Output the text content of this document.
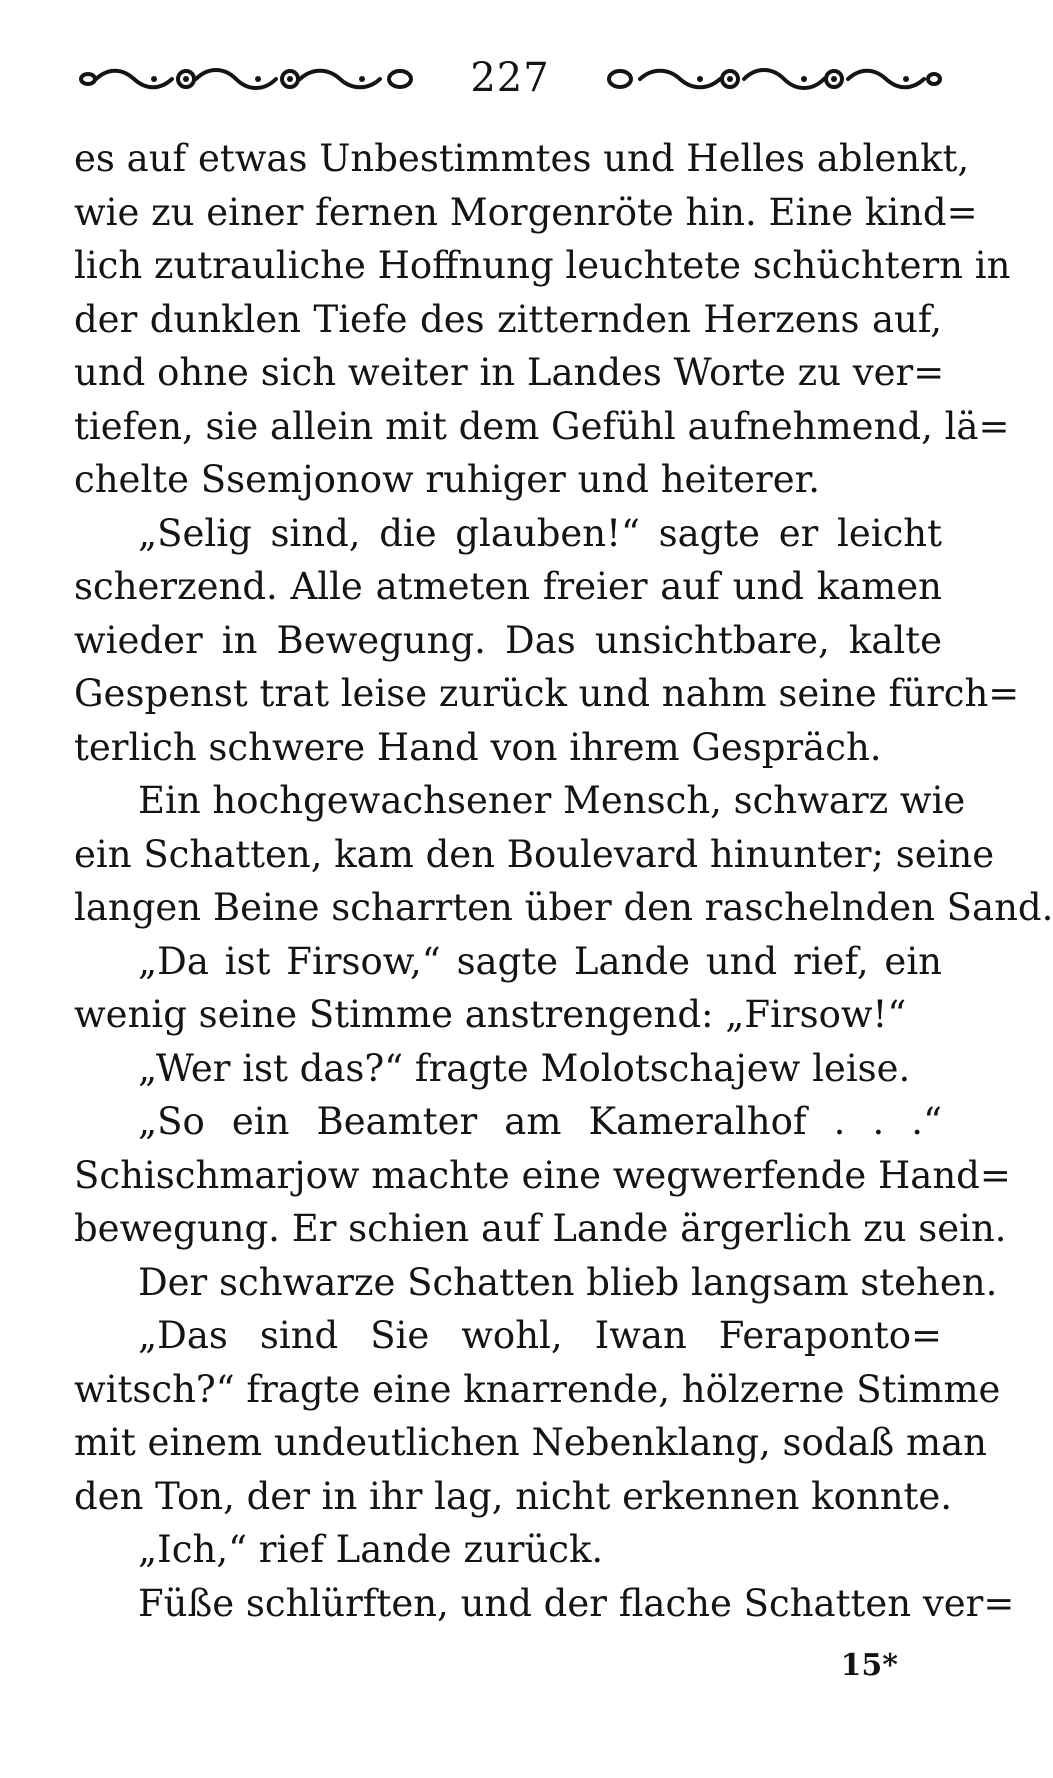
227
es auf etwas Unbestimmtes und Helles ablenkt,
wie zu einer fernen Morgenröte hin. Eine kind=
lich zutrauliche Hoffnung leuchtete schüchtern in
der dunklen Tiefe des zitternden Herzens auf,
und ohne sich weiter in Landes Worte zu ver=
tiefen, sie allein mit dem Gefühl aufnehmend, lä=
chelte Ssemjonow ruhiger und heiterer.
„Selig sind, die glauben!“ sagte er leicht
scherzend. Alle atmeten freier auf und kamen
wieder in Bewegung. Das unsichtbare, kalte
Gespenst trat leise zurück und nahm seine fürch=
terlich schwere Hand von ihrem Gespräch.
Ein hochgewachsener Mensch, schwarz wie
ein Schatten, kam den Boulevard hinunter; seine
langen Beine scharrten über den raschelnden Sand.
„Da ist Firsow,“ sagte Lande und rief, ein
wenig seine Stimme anstrengend: „Firsow!“
„Wer ist das?“ fragte Molotschajew leise.
„So ein Beamter am Kameralhof . . .“
Schischmarjow machte eine wegwerfende Hand=
bewegung. Er schien auf Lande ärgerlich zu sein.
Der schwarze Schatten blieb langsam stehen.
„Das sind Sie wohl, Iwan Feraponto=
witsch?“ fragte eine knarrende, hölzerne Stimme
mit einem undeutlichen Nebenklang, sodaß man
den Ton, der in ihr lag, nicht erkennen konnte.
„Ich,“ rief Lande zurück.
Füße schlürften, und der flache Schatten ver=
15*
